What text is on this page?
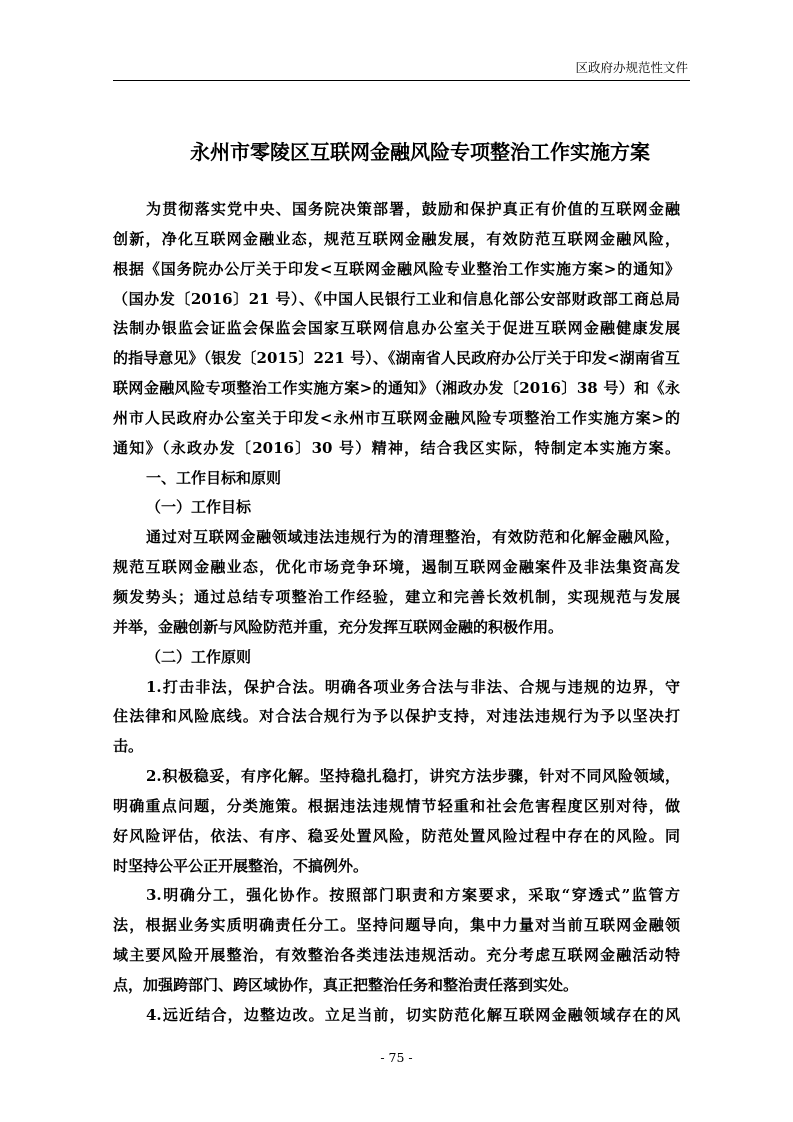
区政府办规范性文件
永州市零陵区互联网金融风险专项整治工作实施方案
为贯彻落实党中央、国务院决策部署，鼓励和保护真正有价值的互联网金融
创新，净化互联网金融业态，规范互联网金融发展，有效防范互联网金融风险，
根据《国务院办公厅关于印发<互联网金融风险专业整治工作实施方案>的通知》
（国办发〔2016〕21 号）、《中国人民银行工业和信息化部公安部财政部工商总局
法制办银监会证监会保监会国家互联网信息办公室关于促进互联网金融健康发展
的指导意见》（银发〔2015〕221 号）、《湖南省人民政府办公厅关于印发<湖南省互
联网金融风险专项整治工作实施方案>的通知》（湘政办发〔2016〕38 号）和《永
州市人民政府办公室关于印发<永州市互联网金融风险专项整治工作实施方案>的
通知》（永政办发〔2016〕30 号）精神，结合我区实际，特制定本实施方案。
一、工作目标和原则
（一）工作目标
通过对互联网金融领域违法违规行为的清理整治，有效防范和化解金融风险，
规范互联网金融业态，优化市场竞争环境，遏制互联网金融案件及非法集资高发
频发势头；通过总结专项整治工作经验，建立和完善长效机制，实现规范与发展
并举，金融创新与风险防范并重，充分发挥互联网金融的积极作用。
（二）工作原则
1.打击非法，保护合法。明确各项业务合法与非法、合规与违规的边界，守
住法律和风险底线。对合法合规行为予以保护支持，对违法违规行为予以坚决打
击。
2.积极稳妥，有序化解。坚持稳扎稳打，讲究方法步骤，针对不同风险领域，
明确重点问题，分类施策。根据违法违规情节轻重和社会危害程度区别对待，做
好风险评估，依法、有序、稳妥处置风险，防范处置风险过程中存在的风险。同
时坚持公平公正开展整治，不搞例外。
3.明确分工，强化协作。按照部门职责和方案要求，采取“穿透式”监管方
法，根据业务实质明确责任分工。坚持问题导向，集中力量对当前互联网金融领
域主要风险开展整治，有效整治各类违法违规活动。充分考虑互联网金融活动特
点，加强跨部门、跨区域协作，真正把整治任务和整治责任落到实处。
4.远近结合，边整边改。立足当前，切实防范化解互联网金融领域存在的风
- 75 -
